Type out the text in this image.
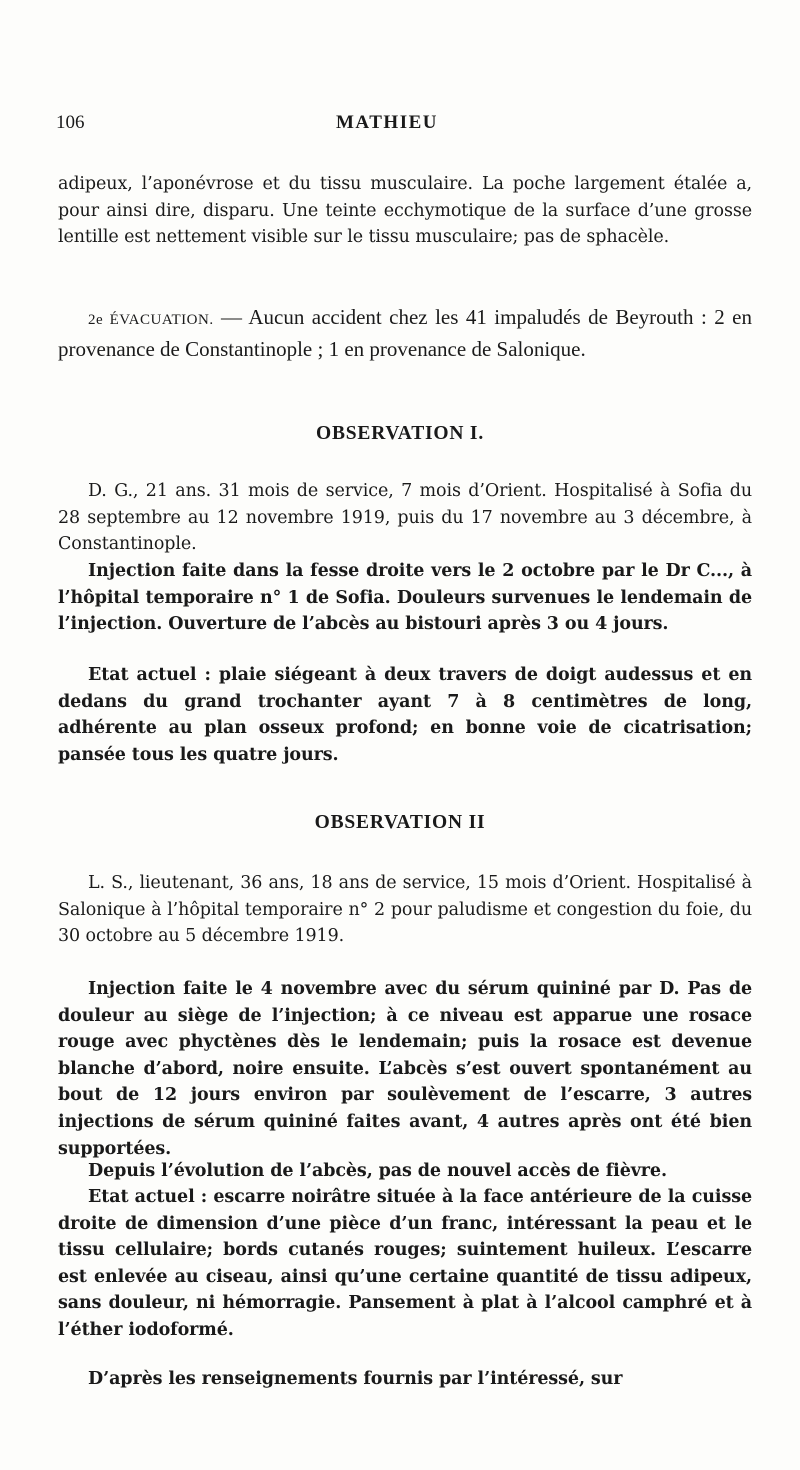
106	MATHIEU

adipeux, l’aponévrose et du tissu musculaire. La poche largement étalée a, pour ainsi dire, disparu. Une teinte ecchymotique de la surface d’une grosse lentille est nettement visible sur le tissu musculaire; pas de sphacèle.

2e ÉVACUATION. — Aucun accident chez les 41 impaludés de Beyrouth : 2 en provenance de Constantinople ; 1 en provenance de Salonique.

OBSERVATION I.

D. G., 21 ans. 31 mois de service, 7 mois d’Orient. Hospitalisé à Sofia du 28 septembre au 12 novembre 1919, puis du 17 novembre au 3 décembre, à Constantinople.

Injection faite dans la fesse droite vers le 2 octobre par le Dr C..., à l’hôpital temporaire n° 1 de Sofia. Douleurs survenues le lendemain de l’injection. Ouverture de l’abcès au bistouri après 3 ou 4 jours.

Etat actuel : plaie siégeant à deux travers de doigt audessus et en dedans du grand trochanter ayant 7 à 8 centimètres de long, adhérente au plan osseux profond; en bonne voie de cicatrisation; pansée tous les quatre jours.

OBSERVATION II

L. S., lieutenant, 36 ans, 18 ans de service, 15 mois d’Orient. Hospitalisé à Salonique à l’hôpital temporaire n° 2 pour paludisme et congestion du foie, du 30 octobre au 5 décembre 1919.

Injection faite le 4 novembre avec du sérum quininé par D. Pas de douleur au siège de l’injection; à ce niveau est apparue une rosace rouge avec phyctènes dès le lendemain; puis la rosace est devenue blanche d’abord, noire ensuite. L’abcès s’est ouvert spontanément au bout de 12 jours environ par soulèvement de l’escarre, 3 autres injections de sérum quininé faites avant, 4 autres après ont été bien supportées.

Depuis l’évolution de l’abcès, pas de nouvel accès de fièvre.

Etat actuel : escarre noirâtre située à la face antérieure de la cuisse droite de dimension d’une pièce d’un franc, intéressant la peau et le tissu cellulaire; bords cutanés rouges; suintement huileux. L’escarre est enlevée au ciseau, ainsi qu’une certaine quantité de tissu adipeux, sans douleur, ni hémorragie. Pansement à plat à l’alcool camphré et à l’éther iodoformé.

D’après les renseignements fournis par l’intéressé, sur
